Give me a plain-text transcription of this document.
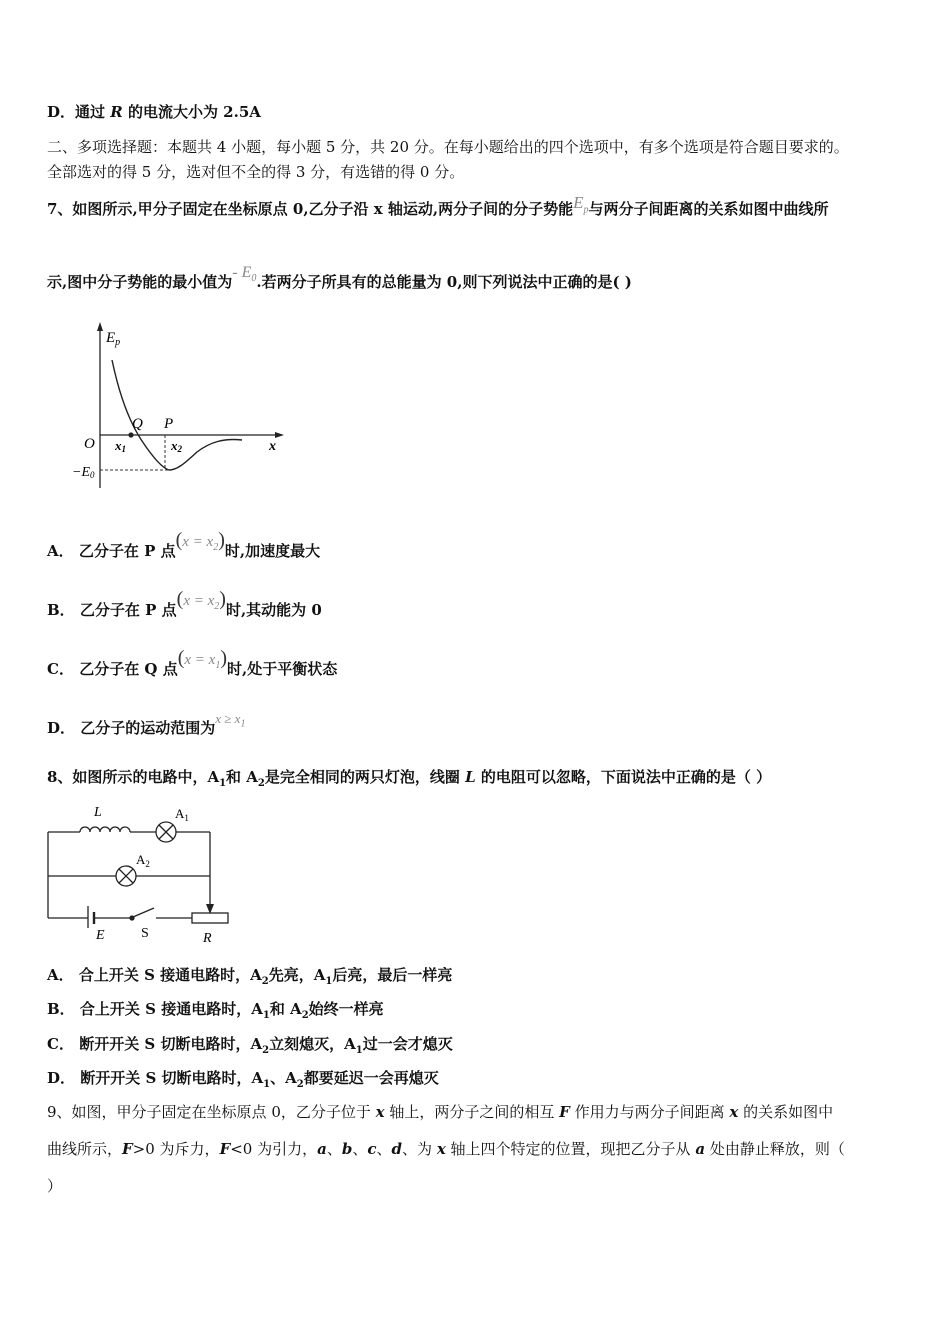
D．通过 R 的电流大小为 2.5A
二、多项选择题：本题共 4 小题，每小题 5 分，共 20 分。在每小题给出的四个选项中，有多个选项是符合题目要求的。
全部选对的得 5 分，选对但不全的得 3 分，有选错的得 0 分。
7、如图所示,甲分子固定在坐标原点 0,乙分子沿 x 轴运动,两分子间的分子势能$E_p$与两分子间距离的关系如图中曲线所
示,图中分子势能的最小值为- $E_0$.若两分子所具有的总能量为 0,则下列说法中正确的是( )
$E_p$
O	x
Q P
x1	x2
−E0
A． 乙分子在 P 点$(x = x_2)$时,加速度最大
B． 乙分子在 P 点$(x = x_2)$时,其动能为 0
C． 乙分子在 Q 点$(x = x_1)$时,处于平衡状态
D． 乙分子的运动范围为$x \ge x_1$
8、如图所示的电路中，$A_1$和 $A_2$是完全相同的两只灯泡，线圈 L 的电阻可以忽略，下面说法中正确的是（ ）
L	$A_1$
$A_2$
E	S	R
A． 合上开关 S 接通电路时，$A_2$先亮，$A_1$后亮，最后一样亮
B． 合上开关 S 接通电路时，$A_1$和 $A_2$始终一样亮
C． 断开开关 S 切断电路时，$A_2$立刻熄灭，$A_1$过一会才熄灭
D． 断开开关 S 切断电路时，$A_1$、$A_2$都要延迟一会再熄灭
9、如图，甲分子固定在坐标原点 0，乙分子位于 x 轴上，两分子之间的相互 F 作用力与两分子间距离 x 的关系如图中
曲线所示，F>0 为斥力，F<0 为引力，a、b、c、d、为 x 轴上四个特定的位置，现把乙分子从 a 处由静止释放，则（
）
